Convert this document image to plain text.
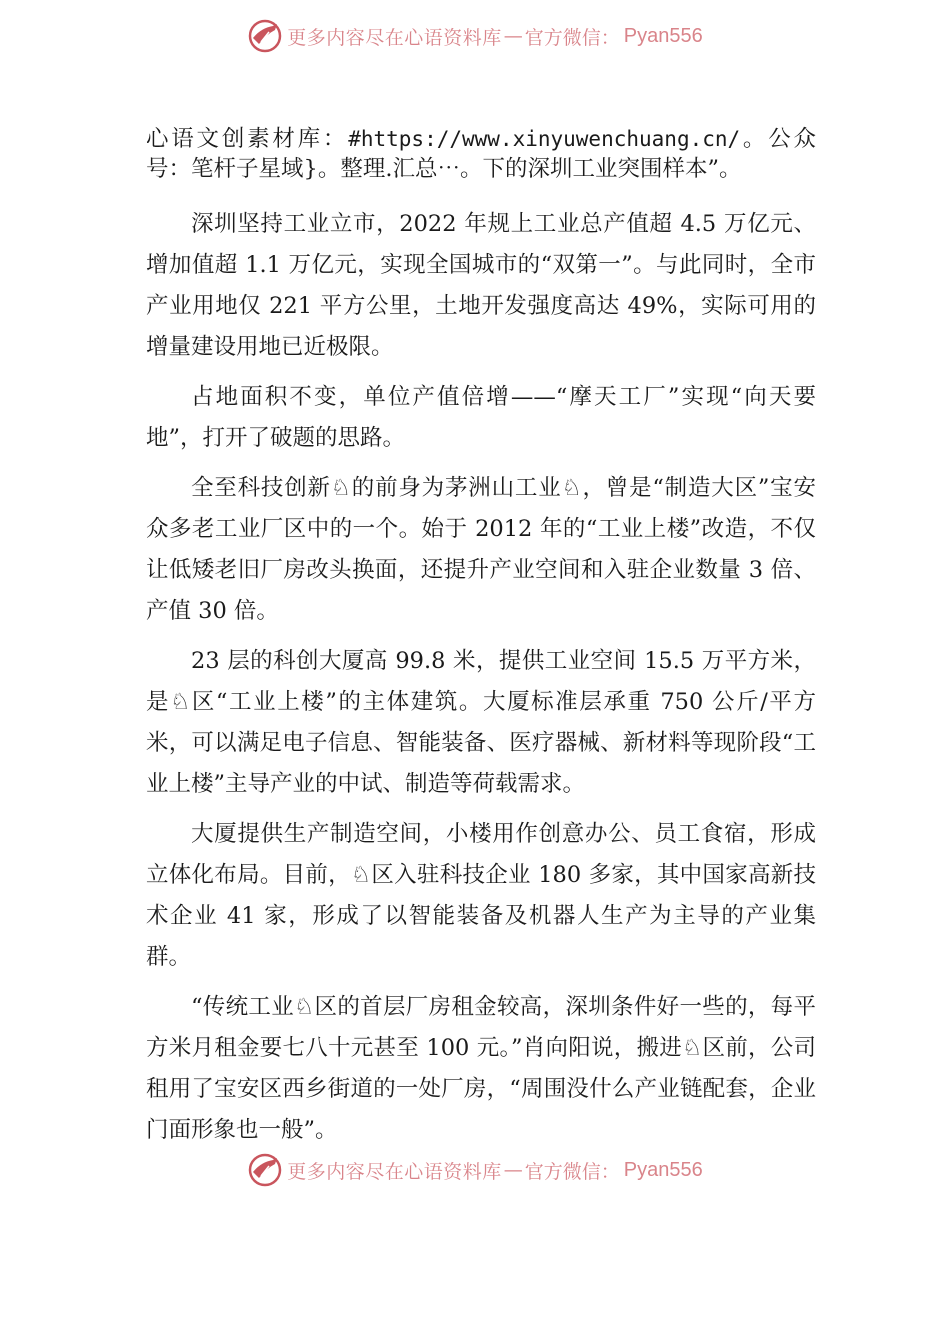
更多内容尽在心语资料库 — 官方微信： Pyan556

心语文创素材库：#https://www.xinyuwenchuang.cn/。公众号：笔杆子星域}。整理.汇总⋯。下的深圳工业突围样本”。

深圳坚持工业立市，2022 年规上工业总产值超 4.5 万亿元、增加值超 1.1 万亿元，实现全国城市的“双第一”。与此同时，全市产业用地仅 221 平方公里，土地开发强度高达 49%，实际可用的增量建设用地已近极限。

占地面积不变，单位产值倍增——“摩天工厂”实现“向天要地”，打开了破题的思路。

全至科技创新♘的前身为茅洲山工业♘，曾是“制造大区”宝安众多老工业厂区中的一个。始于 2012 年的“工业上楼”改造，不仅让低矮老旧厂房改头换面，还提升产业空间和入驻企业数量 3 倍、产值 30 倍。

23 层的科创大厦高 99.8 米，提供工业空间 15.5 万平方米，是♘区“工业上楼”的主体建筑。大厦标准层承重 750 公斤/平方米，可以满足电子信息、智能装备、医疗器械、新材料等现阶段“工业上楼”主导产业的中试、制造等荷载需求。

大厦提供生产制造空间，小楼用作创意办公、员工食宿，形成立体化布局。目前，♘区入驻科技企业 180 多家，其中国家高新技术企业 41 家，形成了以智能装备及机器人生产为主导的产业集群。

“传统工业♘区的首层厂房租金较高，深圳条件好一些的，每平方米月租金要七八十元甚至 100 元。”肖向阳说，搬进♘区前，公司租用了宝安区西乡街道的一处厂房，“周围没什么产业链配套，企业门面形象也一般”。

更多内容尽在心语资料库 — 官方微信： Pyan556
